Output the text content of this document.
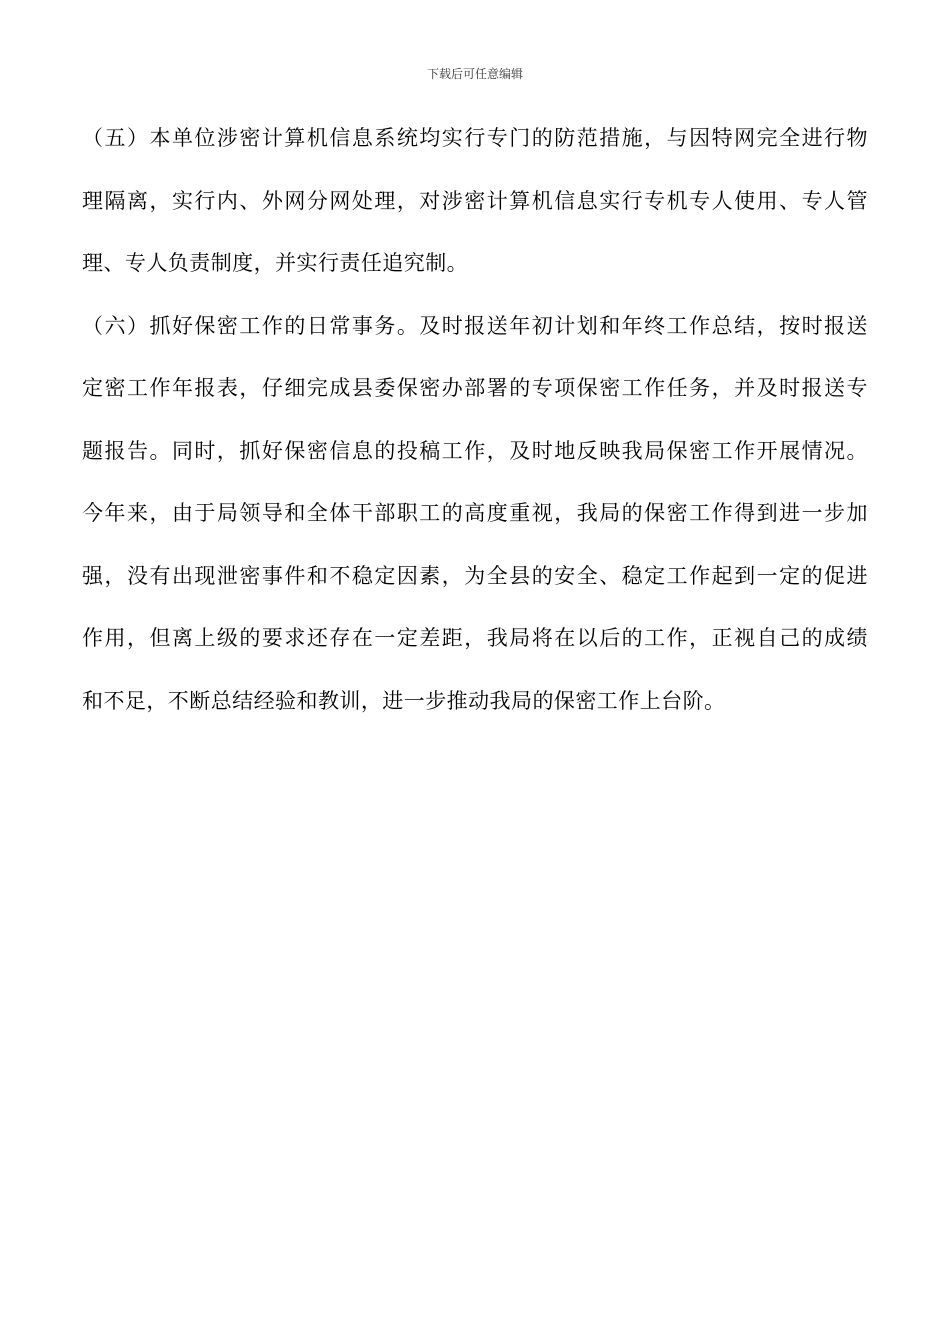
下载后可任意编辑
（五）本单位涉密计算机信息系统均实行专门的防范措施，与因特网完全进行物
理隔离，实行内、外网分网处理，对涉密计算机信息实行专机专人使用、专人管
理、专人负责制度，并实行责任追究制。
（六）抓好保密工作的日常事务。及时报送年初计划和年终工作总结，按时报送
定密工作年报表，仔细完成县委保密办部署的专项保密工作任务，并及时报送专
题报告。同时，抓好保密信息的投稿工作，及时地反映我局保密工作开展情况。
今年来，由于局领导和全体干部职工的高度重视，我局的保密工作得到进一步加
强，没有出现泄密事件和不稳定因素，为全县的安全、稳定工作起到一定的促进
作用，但离上级的要求还存在一定差距，我局将在以后的工作，正视自己的成绩
和不足，不断总结经验和教训，进一步推动我局的保密工作上台阶。
